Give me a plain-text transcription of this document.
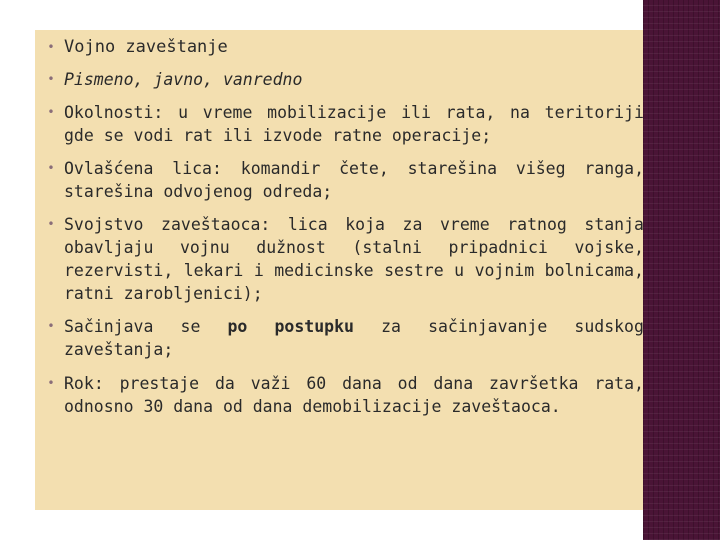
• Vojno zaveštanje
• Pismeno, javno, vanredno
• Okolnosti: u vreme mobilizacije ili rata, na teritoriji gde se vodi rat ili izvode ratne operacije;
• Ovlašćena lica: komandir čete, starešina višeg ranga, starešina odvojenog odreda;
• Svojstvo zaveštaoca: lica koja za vreme ratnog stanja obavljaju vojnu dužnost (stalni pripadnici vojske, rezervisti, lekari i medicinske sestre u vojnim bolnicama, ratni zarobljenici);
• Sačinjava se po postupku za sačinjavanje sudskog
zaveštanja;
• Rok: prestaje da važi 60 dana od dana završetka rata, odnosno 30 dana od dana demobilizacije zaveštaoca.
